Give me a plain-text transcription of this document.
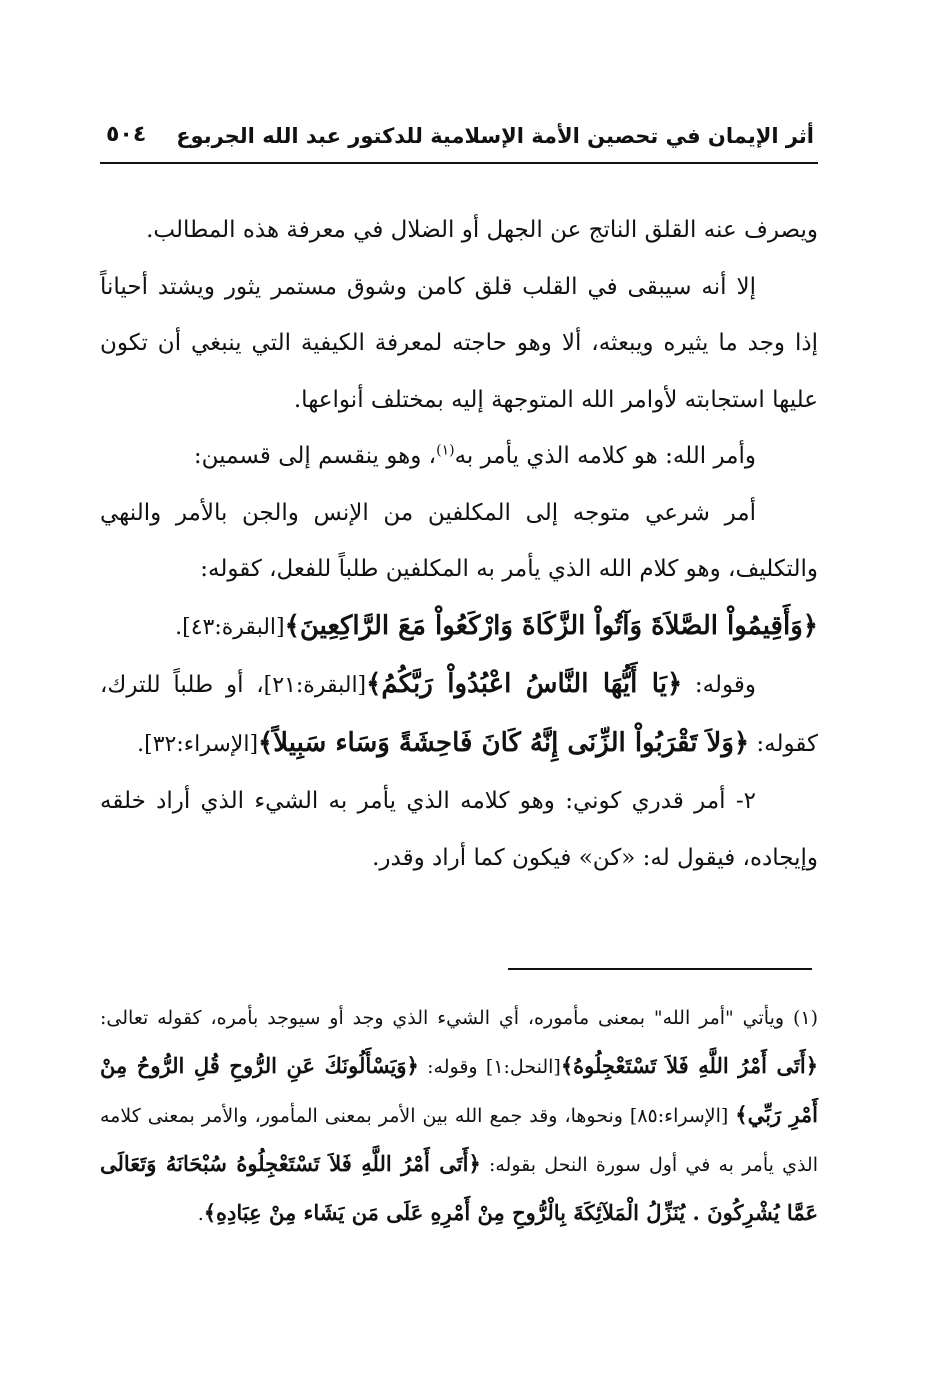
أثر الإيمان في تحصين الأمة الإسلامية للدكتور عبد الله الجربوع
٥٠٤

ويصرف عنه القلق الناتج عن الجهل أو الضلال في معرفة هذه المطالب.

إلا أنه سيبقى في القلب قلق كامن وشوق مستمر يثور ويشتد أحياناً إذا وجد ما يثيره ويبعثه، ألا وهو حاجته لمعرفة الكيفية التي ينبغي أن تكون عليها استجابته لأوامر الله المتوجهة إليه بمختلف أنواعها.

وأمر الله: هو كلامه الذي يأمر به$^{(١)}$، وهو ينقسم إلى قسمين:

أمر شرعي متوجه إلى المكلفين من الإنس والجن بالأمر والنهي والتكليف، وهو كلام الله الذي يأمر به المكلفين طلباً للفعل، كقوله:

﴿وَأَقِيمُواْ الصَّلاَةَ وَآتُواْ الزَّكَاةَ وَارْكَعُواْ مَعَ الرَّاكِعِينَ﴾[البقرة:٤٣].

وقوله: ﴿يَا أَيُّهَا النَّاسُ اعْبُدُواْ رَبَّكُمُ﴾[البقرة:٢١]، أو طلباً للترك، كقوله: ﴿وَلاَ تَقْرَبُواْ الزِّنَى إِنَّهُ كَانَ فَاحِشَةً وَسَاء سَبِيلاً﴾[الإسراء:٣٢].

٢- أمر قدري كوني: وهو كلامه الذي يأمر به الشيء الذي أراد خلقه وإيجاده، فيقول له: «كن» فيكون كما أراد وقدر.

(١) ويأتي "أمر الله" بمعنى مأموره، أي الشيء الذي وجد أو سيوجد بأمره، كقوله تعالى: ﴿أَتَى أَمْرُ اللَّهِ فَلاَ تَسْتَعْجِلُوهُ﴾[النحل:١] وقوله: ﴿وَيَسْأَلُونَكَ عَنِ الرُّوحِ قُلِ الرُّوحُ مِنْ أَمْرِ رَبِّي﴾ [الإسراء:٨٥] ونحوها، وقد جمع الله بين الأمر بمعنى المأمور، والأمر بمعنى كلامه الذي يأمر به في أول سورة النحل بقوله: ﴿أَتَى أَمْرُ اللَّهِ فَلاَ تَسْتَعْجِلُوهُ سُبْحَانَهُ وَتَعَالَى عَمَّا يُشْرِكُونَ . يُنَزِّلُ الْمَلآئِكَةَ بِالْرُّوحِ مِنْ أَمْرِهِ عَلَى مَن يَشَاء مِنْ عِبَادِهِ﴾.
